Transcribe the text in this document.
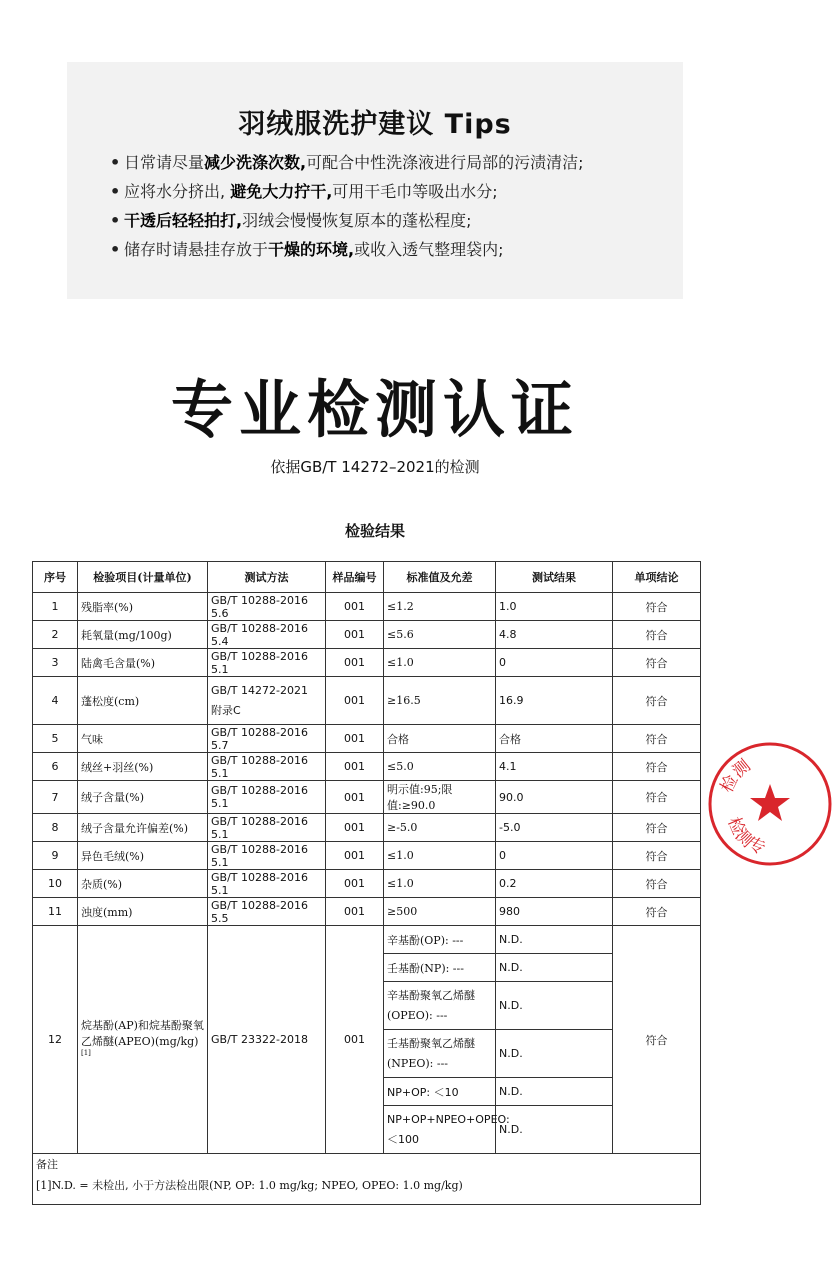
羽绒服洗护建议 Tips
• 日常请尽量减少洗涤次数,可配合中性洗涤液进行局部的污渍清洁;
• 应将水分挤出, 避免大力拧干,可用干毛巾等吸出水分;
• 干透后轻轻拍打,羽绒会慢慢恢复原本的蓬松程度;
• 储存时请悬挂存放于干燥的环境,或收入透气整理袋内;
专业检测认证
依据GB/T 14272–2021的检测
检验结果
序号	检验项目(计量单位)	测试方法	样品编号	标准值及允差	测试结果	单项结论
1	残脂率(%)	GB/T 10288-2016 5.6	001	≤1.2	1.0	符合
2	耗氧量(mg/100g)	GB/T 10288-2016 5.4	001	≤5.6	4.8	符合
3	陆禽毛含量(%)	GB/T 10288-2016 5.1	001	≤1.0	0	符合
4	蓬松度(cm)	GB/T 14272-2021 附录C	001	≥16.5	16.9	符合
5	气味	GB/T 10288-2016 5.7	001	合格	合格	符合
6	绒丝+羽丝(%)	GB/T 10288-2016 5.1	001	≤5.0	4.1	符合
7	绒子含量(%)	GB/T 10288-2016 5.1	001	明示值:95;限值:≥90.0	90.0	符合
8	绒子含量允许偏差(%)	GB/T 10288-2016 5.1	001	≥-5.0	-5.0	符合
9	异色毛绒(%)	GB/T 10288-2016 5.1	001	≤1.0	0	符合
10	杂质(%)	GB/T 10288-2016 5.1	001	≤1.0	0.2	符合
11	浊度(mm)	GB/T 10288-2016 5.5	001	≥500	980	符合
12	烷基酚(AP)和烷基酚聚氧乙烯醚(APEO)(mg/kg)[1]	GB/T 23322-2018	001	辛基酚(OP): ---	N.D.	符合
				壬基酚(NP): ---	N.D.	
				辛基酚聚氧乙烯醚(OPEO): ---	N.D.	
				壬基酚聚氧乙烯醚(NPEO): ---	N.D.	
				NP+OP: ＜10	N.D.	
				NP+OP+NPEO+OPEO: ＜100	N.D.	

备注
[1]N.D. = 未检出, 小于方法检出限(NP, OP: 1.0 mg/kg; NPEO, OPEO: 1.0 mg/kg)						
检测
检测专
